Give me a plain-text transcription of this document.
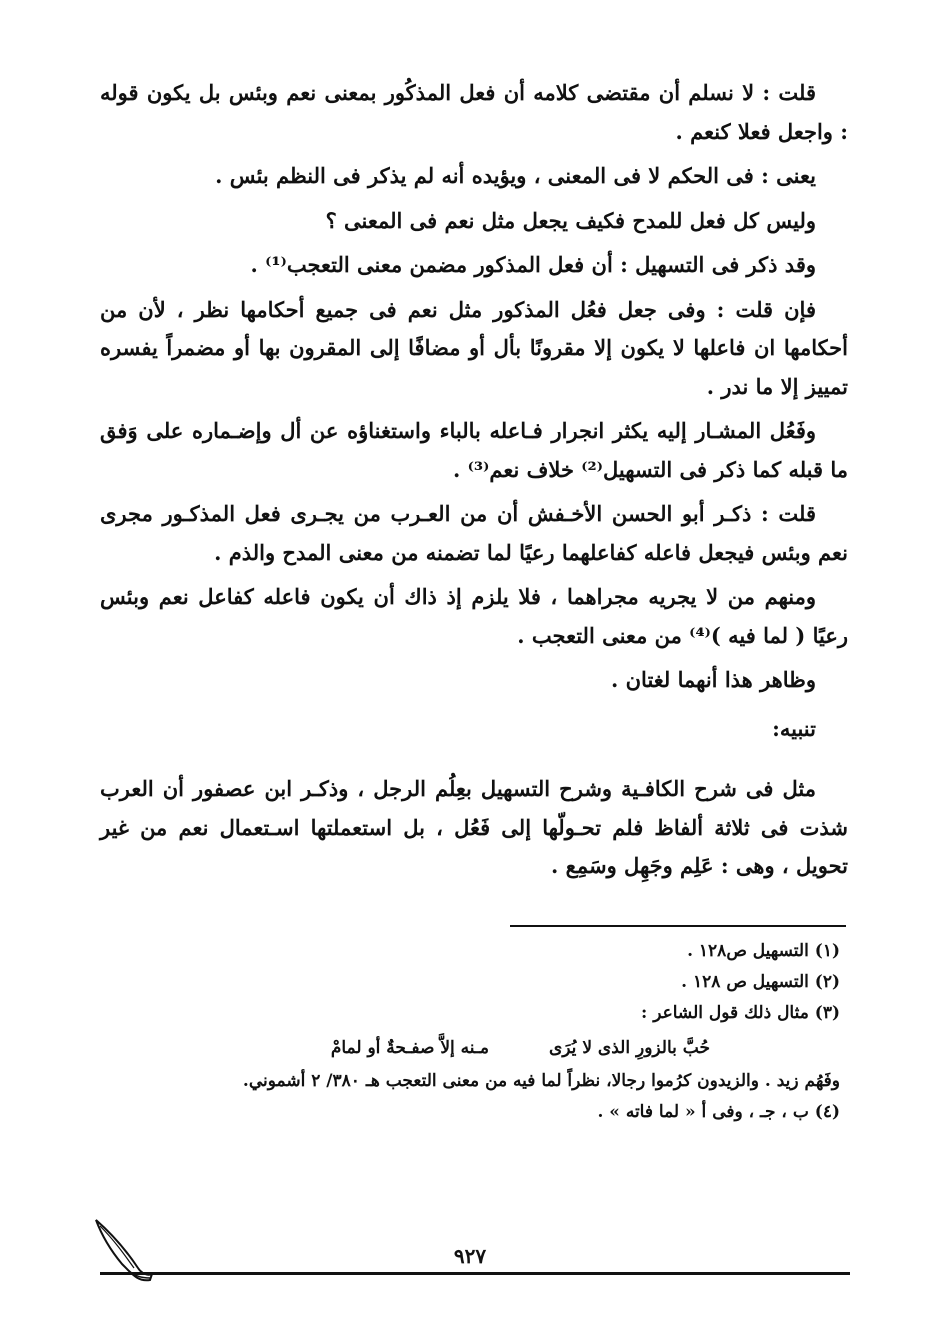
قلت : لا نسلم أن مقتضى كلامه أن فعل المذكُور بمعنى نعم وبئس بل يكون قوله : واجعل فعلا كنعم .

يعنى : فى الحكم لا فى المعنى ، ويؤيده أنه لم يذكر فى النظم بئس .

وليس كل فعل للمدح فكيف يجعل مثل نعم فى المعنى ؟

وقد ذكر فى التسهيل : أن فعل المذكور مضمن معنى التعجب⁽¹⁾ .

فإن قلت : وفى جعل فعُل المذكور مثل نعم فى جميع أحكامها نظر ، لأن من أحكامها ان فاعلها لا يكون إلا مقرونًا بأل أو مضافًا إلى المقرون بها أو مضمراً يفسره تمييز إلا ما ندر .

وفَعُل المشـار إليه يكثر انجرار فـاعله بالباء واستغناؤه عن أل وإضـماره على وَفق ما قبله كما ذكر فى التسهيل⁽²⁾ خلاف نعم⁽³⁾ .

قلت : ذكـر أبو الحسن الأخـفش أن من العـرب من يجـرى فعل المذكـور مجرى نعم وبئس فيجعل فاعله كفاعلهما رعيًا لما تضمنه من معنى المدح والذم .

ومنهم من لا يجريه مجراهما ، فلا يلزم إذ ذاك أن يكون فاعله كفاعل نعم وبئس رعيًا ( لما فيه )⁽⁴⁾ من معنى التعجب .

وظاهر هذا أنهما لغتان .

تنبيه:

مثل فى شرح الكافـية وشرح التسهيل بعِلُم الرجل ، وذكـر ابن عصفور أن العرب شذت فى ثلاثة ألفاظ فلم تحـولّها إلى فَعُل ، بل استعملتها اسـتعمال نعم من غير تحويل ، وهى : عَلِم وجَهِل وسَمِع .

(١) التسهيل ص١٢٨ .

(٢) التسهيل ص ١٢٨ .

(٣) مثال ذلك قول الشاعر :

حُبَّ بالزورِ الذى لا يُرَى
مـنه إلاَّ صفـحةٌ أو لمامْ

وفَهُم زيد . والزيدون كرُموا رجالا، نظراً لما فيه من معنى التعجب هـ ٣٨٠/ ٢ أشموني.

(٤) ب ، جـ ، وفى أ « لما فاته » .

٩٢٧
